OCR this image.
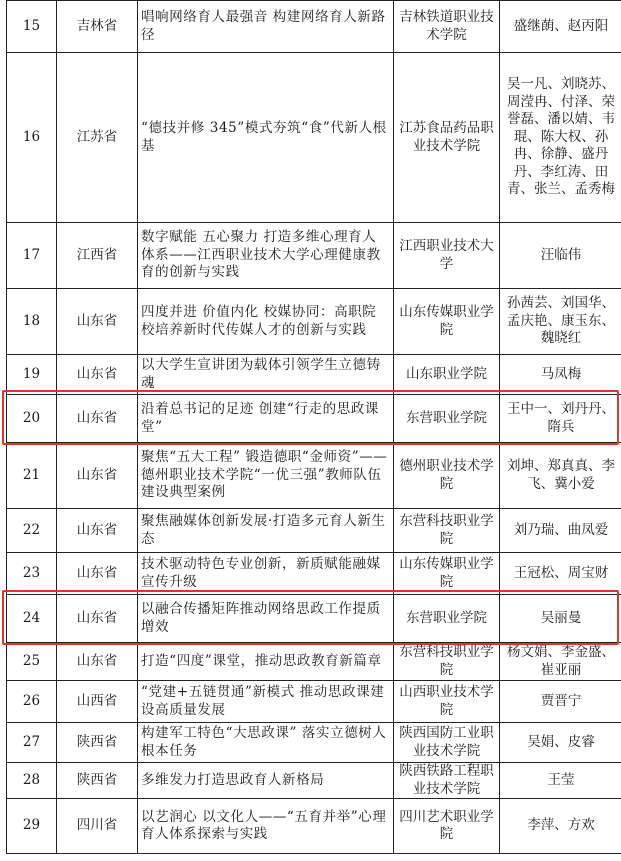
15	吉林省	唱响网络育人最强音 构建网络育人新路径	吉林铁道职业技术学院	盛继蓢、赵丙阳
16	江苏省	“德技并修 345”模式夯筑“食”代新人根基	江苏食品药品职业技术学院	吴一凡、刘晓苏、周滢冉、付泽、荣誉磊、潘以婧、韦琨、陈大权、孙冉、徐静、盛丹丹、李红涛、田青、张兰、孟秀梅
17	江西省	数字赋能 五心聚力 打造多维心理育人体系——江西职业技术大学心理健康教育的创新与实践	江西职业技术大学	汪临伟
18	山东省	四度并进 价值内化 校媒协同：高职院校培养新时代传媒人才的创新与实践	山东传媒职业学院	孙茜芸、刘国华、孟庆艳、康玉东、魏晓红
19	山东省	以大学生宣讲团为载体引领学生立德铸魂	山东职业学院	马凤梅
20	山东省	沿着总书记的足迹 创建“行走的思政课堂”	东营职业学院	王中一、刘丹丹、隋兵
21	山东省	聚焦“五大工程” 锻造德职“金师资”——德州职业技术学院“一优三强”教师队伍建设典型案例	德州职业技术学院	刘坤、郑真真、李飞、冀小爱
22	山东省	聚焦融媒体创新发展·打造多元育人新生态	东营科技职业学院	刘乃瑞、曲凤爱
23	山东省	技术驱动特色专业创新，新质赋能融媒宣传升级	山东传媒职业学院	王冠松、周宝财
24	山东省	以融合传播矩阵推动网络思政工作提质增效	东营职业学院	吴丽曼
25	山东省	打造“四度”课堂，推动思政教育新篇章	东营科技职业学院	杨文娟、李金盛、崔亚丽
26	山西省	“党建+五链贯通”新模式 推动思政课建设高质量发展	山西职业技术学院	贾晋宁
27	陕西省	构建军工特色“大思政课” 落实立德树人根本任务	陕西国防工业职业技术学院	吴娟、皮睿
28	陕西省	多维发力打造思政育人新格局	陕西铁路工程职业技术学院	王莹
29	四川省	以艺润心 以文化人——“五育并举”心理育人体系探索与实践	四川艺术职业学院	李萍、方欢
